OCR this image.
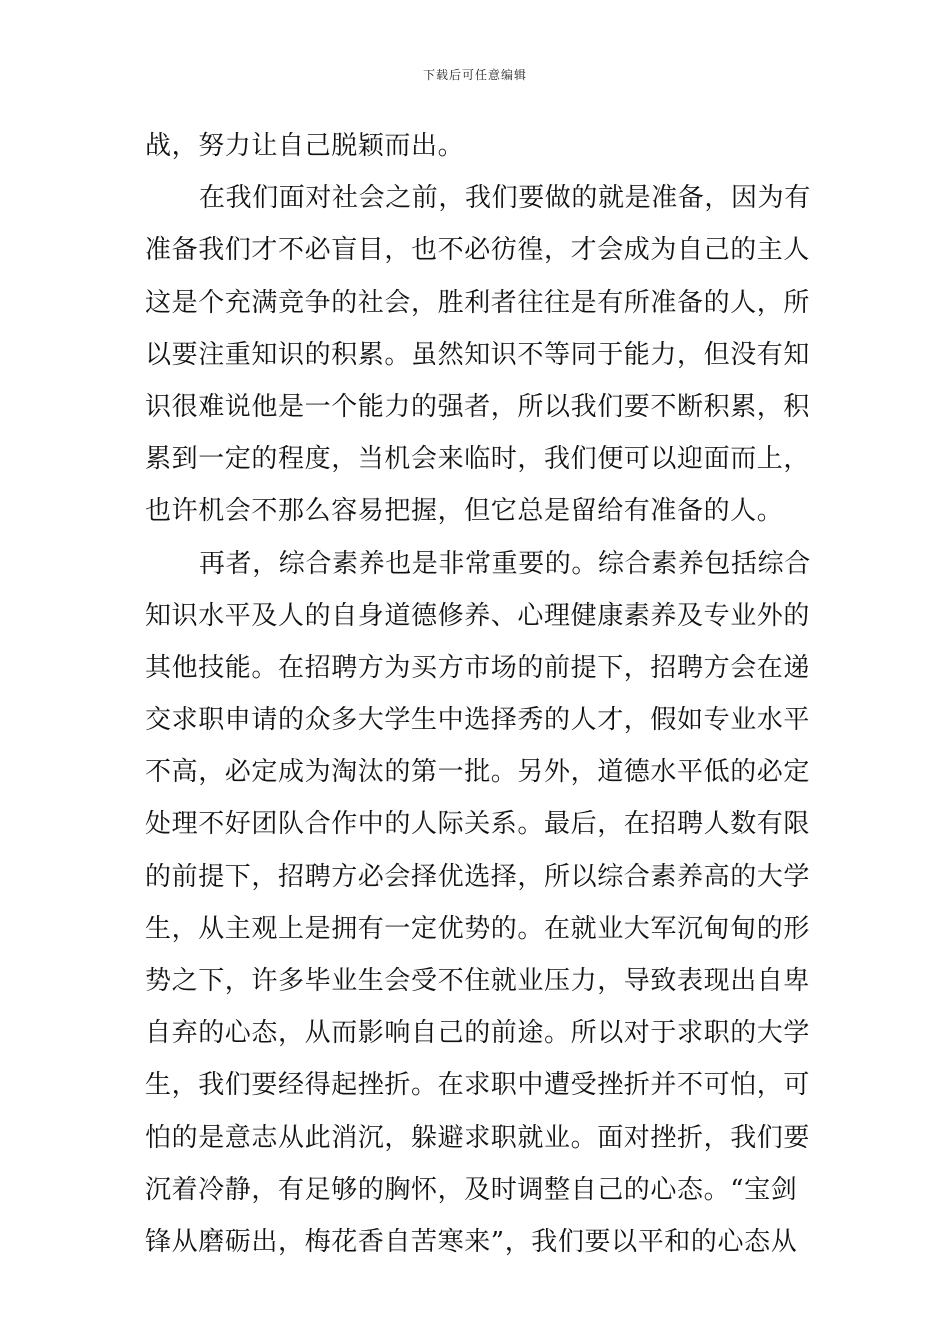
下载后可任意编辑
战，努力让自己脱颖而出。
在我们面对社会之前，我们要做的就是准备，因为有
准备我们才不必盲目，也不必彷徨，才会成为自己的主人
这是个充满竞争的社会，胜利者往往是有所准备的人，所
以要注重知识的积累。虽然知识不等同于能力，但没有知
识很难说他是一个能力的强者，所以我们要不断积累，积
累到一定的程度，当机会来临时，我们便可以迎面而上，
也许机会不那么容易把握，但它总是留给有准备的人。
再者，综合素养也是非常重要的。综合素养包括综合
知识水平及人的自身道德修养、心理健康素养及专业外的
其他技能。在招聘方为买方市场的前提下，招聘方会在递
交求职申请的众多大学生中选择秀的人才，假如专业水平
不高，必定成为淘汰的第一批。另外，道德水平低的必定
处理不好团队合作中的人际关系。最后，在招聘人数有限
的前提下，招聘方必会择优选择，所以综合素养高的大学
生，从主观上是拥有一定优势的。在就业大军沉甸甸的形
势之下，许多毕业生会受不住就业压力，导致表现出自卑
自弃的心态，从而影响自己的前途。所以对于求职的大学
生，我们要经得起挫折。在求职中遭受挫折并不可怕，可
怕的是意志从此消沉，躲避求职就业。面对挫折，我们要
沉着冷静，有足够的胸怀，及时调整自己的心态。“宝剑
锋从磨砺出，梅花香自苦寒来”，我们要以平和的心态从
